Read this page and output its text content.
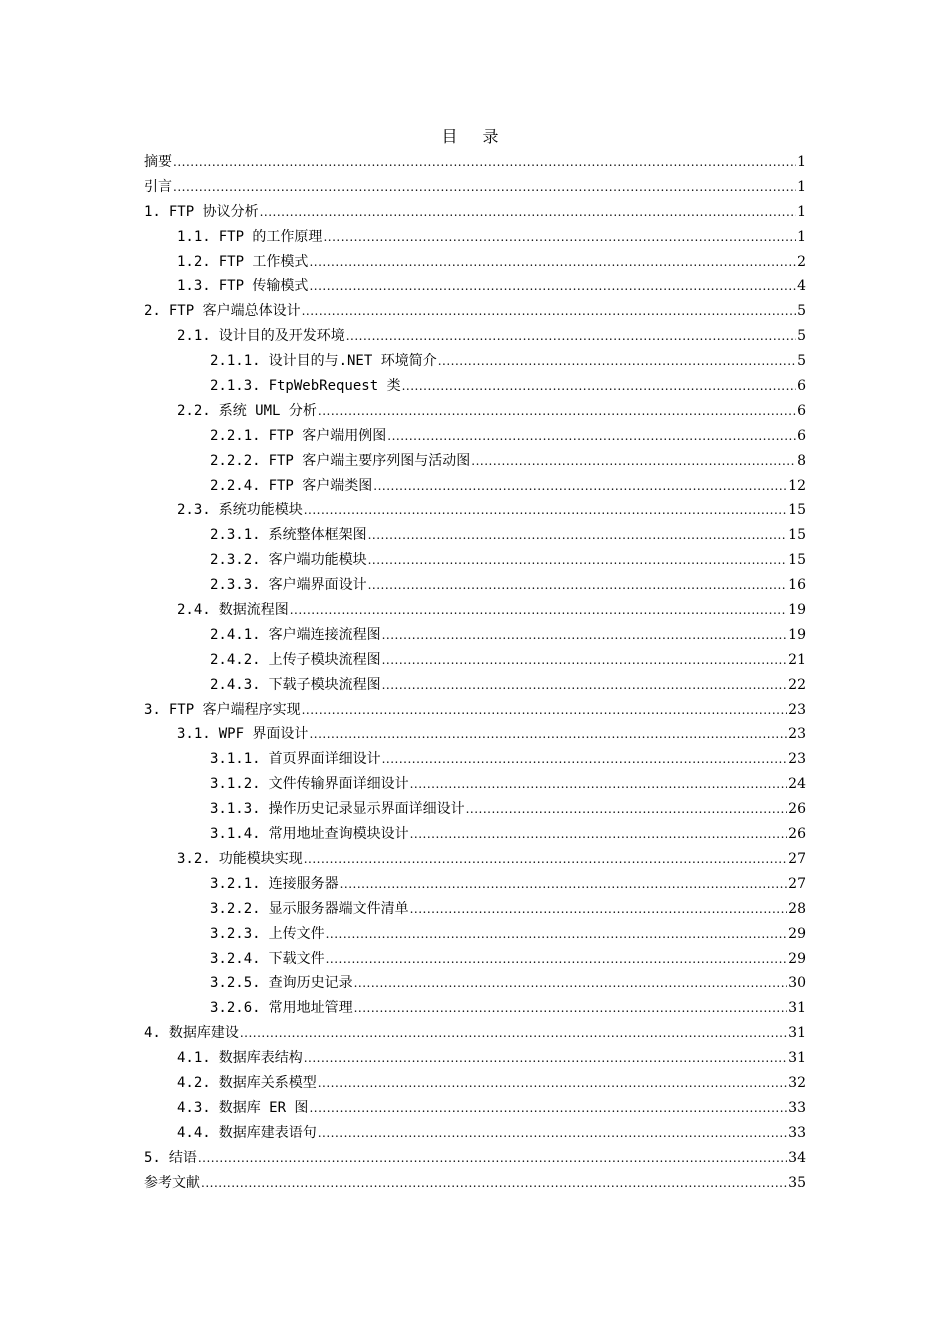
目 录
摘要 .....	1
引言 .....	1
1. FTP 协议分析 .....	1
1.1. FTP 的工作原理 .....	1
1.2. FTP 工作模式 .....	2
1.3. FTP 传输模式 .....	4
2. FTP 客户端总体设计 .....	5
2.1. 设计目的及开发环境 .....	5
2.1.1. 设计目的与.NET 环境简介 .....	5
2.1.3. FtpWebRequest 类 .....	6
2.2. 系统 UML 分析 .....	6
2.2.1. FTP 客户端用例图 .....	6
2.2.2. FTP 客户端主要序列图与活动图 .....	8
2.2.4. FTP 客户端类图 .....	12
2.3. 系统功能模块 .....	15
2.3.1. 系统整体框架图 .....	15
2.3.2. 客户端功能模块 .....	15
2.3.3. 客户端界面设计 .....	16
2.4. 数据流程图 .....	19
2.4.1. 客户端连接流程图 .....	19
2.4.2. 上传子模块流程图 .....	21
2.4.3. 下载子模块流程图 .....	22
3. FTP 客户端程序实现 .....	23
3.1. WPF 界面设计 .....	23
3.1.1. 首页界面详细设计 .....	23
3.1.2. 文件传输界面详细设计 .....	24
3.1.3. 操作历史记录显示界面详细设计 .....	26
3.1.4. 常用地址查询模块设计 .....	26
3.2. 功能模块实现 .....	27
3.2.1. 连接服务器 .....	27
3.2.2. 显示服务器端文件清单 .....	28
3.2.3. 上传文件 .....	29
3.2.4. 下载文件 .....	29
3.2.5. 查询历史记录 .....	30
3.2.6. 常用地址管理 .....	31
4. 数据库建设 .....	31
4.1. 数据库表结构 .....	31
4.2. 数据库关系模型 .....	32
4.3. 数据库 ER 图 .....	33
4.4. 数据库建表语句 .....	33
5. 结语 .....	34
参考文献 .....	35
